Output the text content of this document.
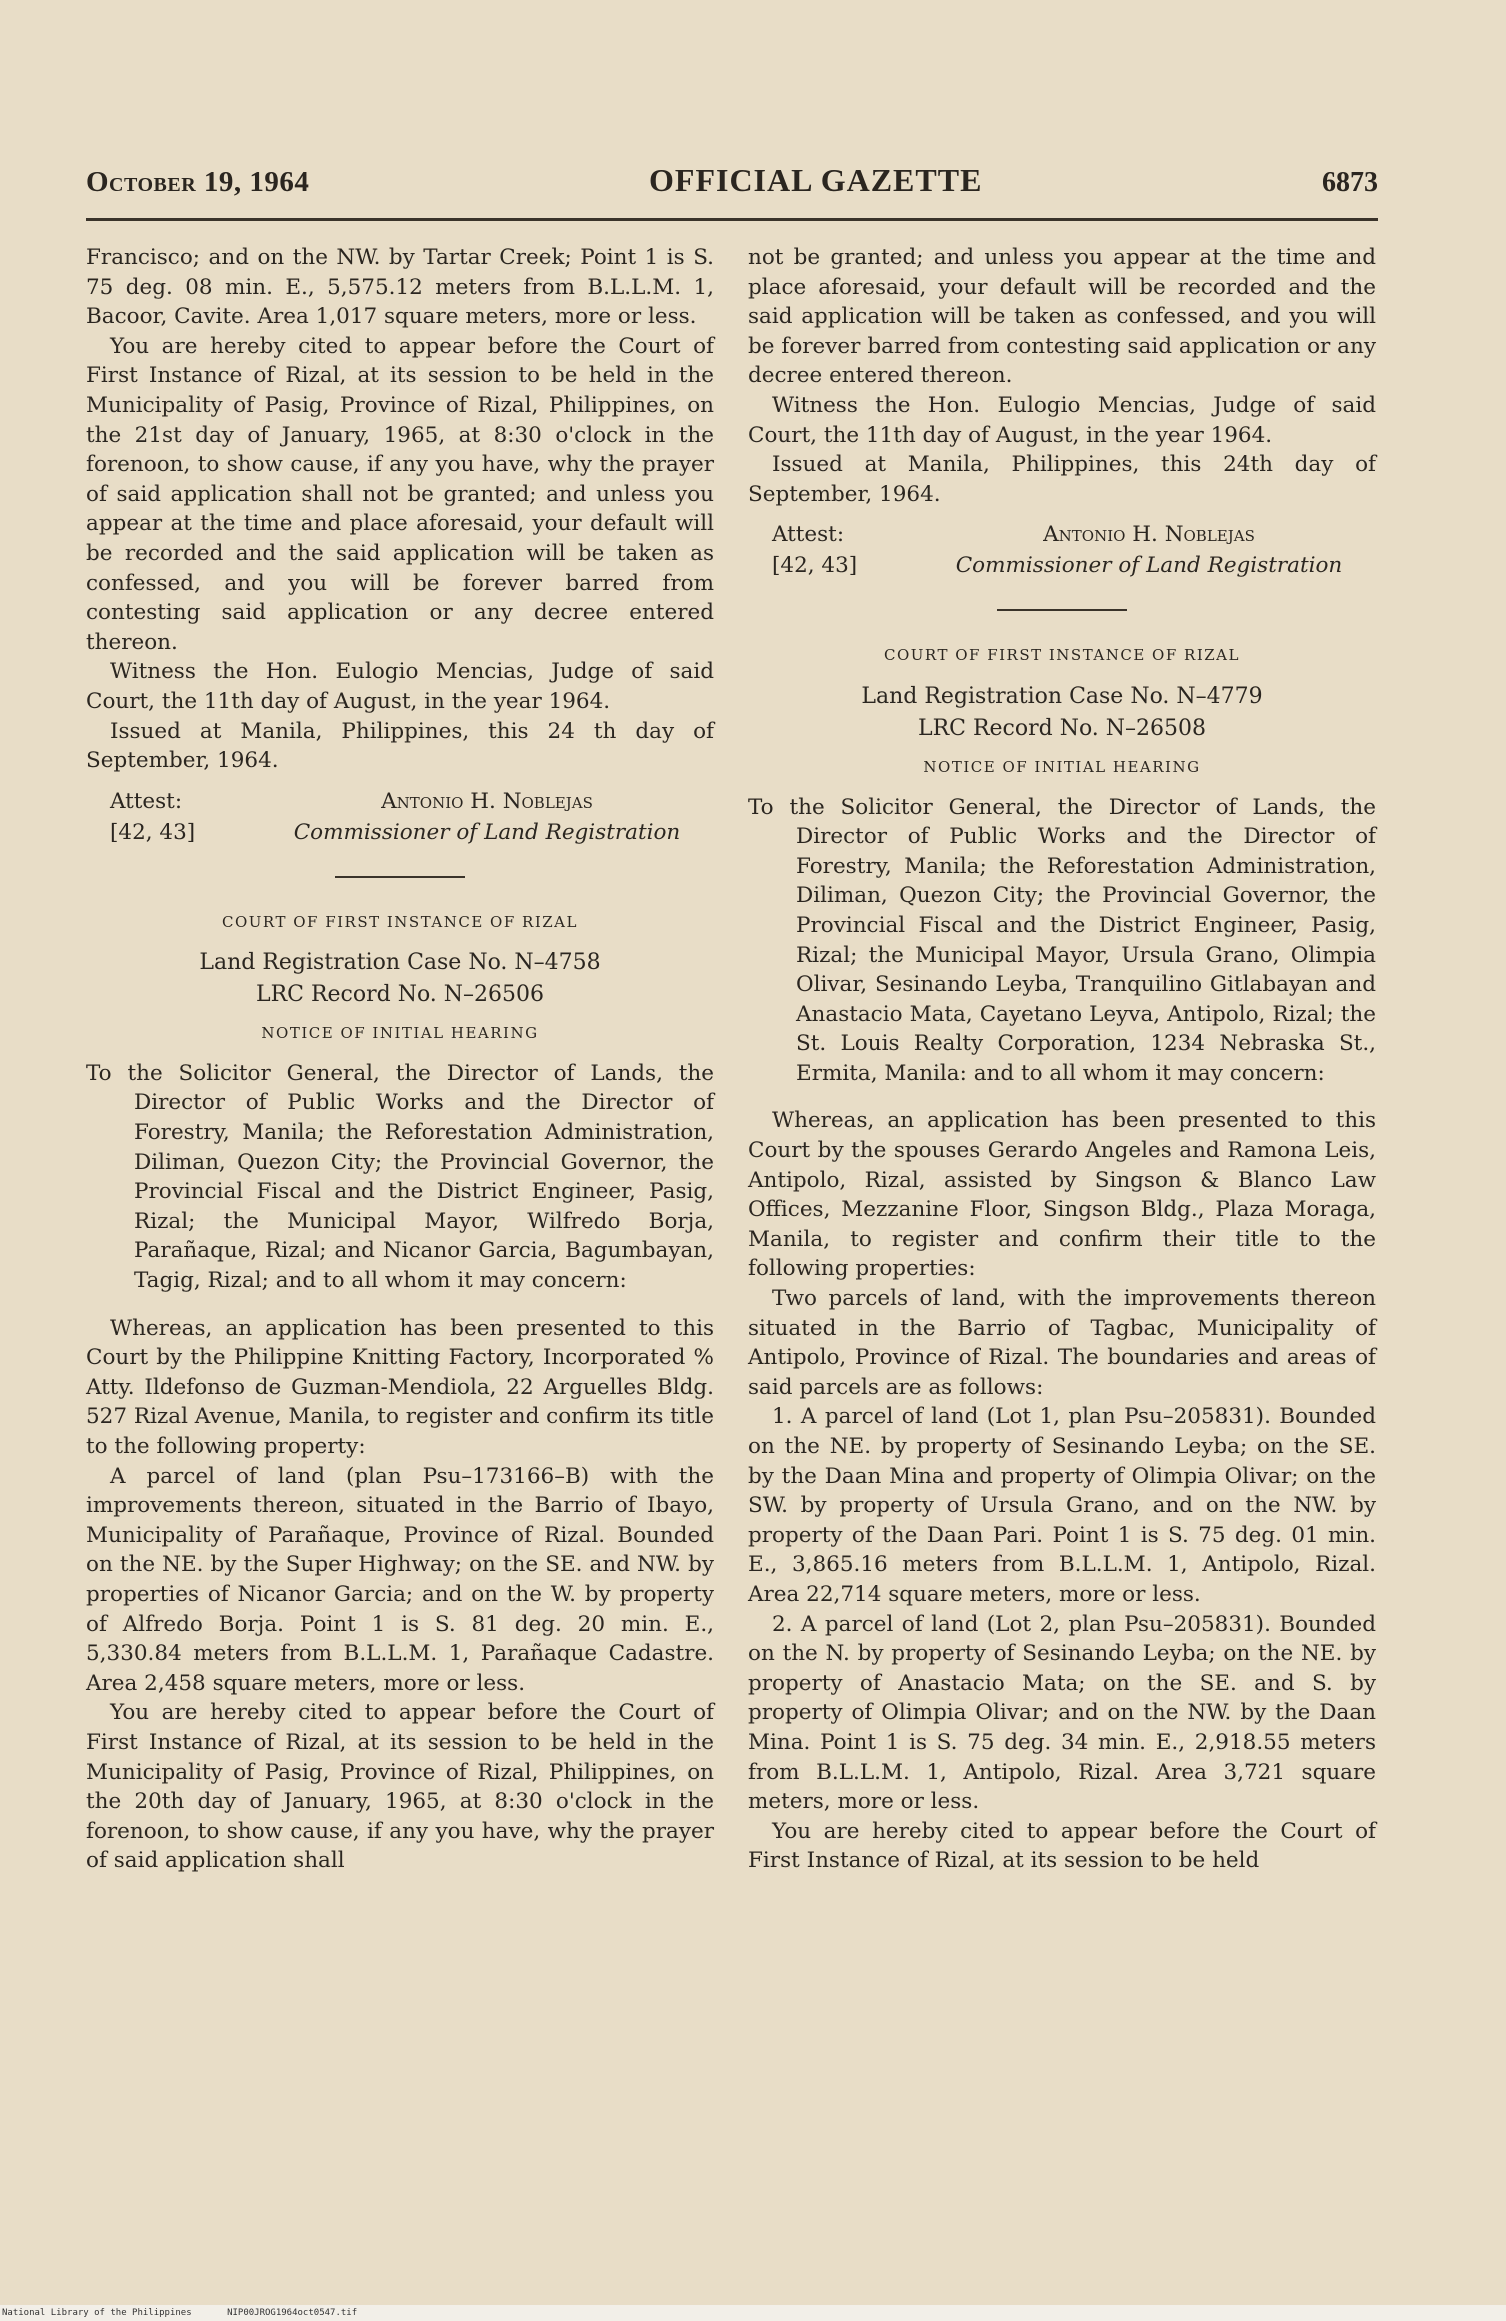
October 19, 1964	OFFICIAL GAZETTE	6873

Francisco; and on the NW. by Tartar Creek; Point 1 is S. 75 deg. 08 min. E., 5,575.12 meters from B.L.L.M. 1, Bacoor, Cavite. Area 1,017 square meters, more or less.

You are hereby cited to appear before the Court of First Instance of Rizal, at its session to be held in the Municipality of Pasig, Province of Rizal, Philippines, on the 21st day of January, 1965, at 8:30 o'clock in the forenoon, to show cause, if any you have, why the prayer of said application shall not be granted; and unless you appear at the time and place aforesaid, your default will be recorded and the said application will be taken as confessed, and you will be forever barred from contesting said application or any decree entered thereon.

Witness the Hon. Eulogio Mencias, Judge of said Court, the 11th day of August, in the year 1964.

Issued at Manila, Philippines, this 24 th day of September, 1964.

Attest:	Antonio H. Noblejas
[42, 43]	Commissioner of Land Registration
COURT OF FIRST INSTANCE OF RIZAL
Land Registration Case No. N–4758
LRC Record No. N–26506
NOTICE OF INITIAL HEARING

To the Solicitor General, the Director of Lands, the Director of Public Works and the Director of Forestry, Manila; the Reforestation Administration, Diliman, Quezon City; the Provincial Governor, the Provincial Fiscal and the District Engineer, Pasig, Rizal; the Municipal Mayor, Wilfredo Borja, Parañaque, Rizal; and Nicanor Garcia, Bagumbayan, Tagig, Rizal; and to all whom it may concern:

Whereas, an application has been presented to this Court by the Philippine Knitting Factory, Incorporated % Atty. Ildefonso de Guzman-Mendiola, 22 Arguelles Bldg. 527 Rizal Avenue, Manila, to register and confirm its title to the following property:

A parcel of land (plan Psu–173166–B) with the improvements thereon, situated in the Barrio of Ibayo, Municipality of Parañaque, Province of Rizal. Bounded on the NE. by the Super Highway; on the SE. and NW. by properties of Nicanor Garcia; and on the W. by property of Alfredo Borja. Point 1 is S. 81 deg. 20 min. E., 5,330.84 meters from B.L.L.M. 1, Parañaque Cadastre. Area 2,458 square meters, more or less.

You are hereby cited to appear before the Court of First Instance of Rizal, at its session to be held in the Municipality of Pasig, Province of Rizal, Philippines, on the 20th day of January, 1965, at 8:30 o'clock in the forenoon, to show cause, if any you have, why the prayer of said application shall

not be granted; and unless you appear at the time and place aforesaid, your default will be recorded and the said application will be taken as confessed, and you will be forever barred from contesting said application or any decree entered thereon.

Witness the Hon. Eulogio Mencias, Judge of said Court, the 11th day of August, in the year 1964.

Issued at Manila, Philippines, this 24th day of September, 1964.

Attest:	Antonio H. Noblejas
[42, 43]	Commissioner of Land Registration
COURT OF FIRST INSTANCE OF RIZAL
Land Registration Case No. N–4779
LRC Record No. N–26508
NOTICE OF INITIAL HEARING

To the Solicitor General, the Director of Lands, the Director of Public Works and the Director of Forestry, Manila; the Reforestation Administration, Diliman, Quezon City; the Provincial Governor, the Provincial Fiscal and the District Engineer, Pasig, Rizal; the Municipal Mayor, Ursula Grano, Olimpia Olivar, Sesinando Leyba, Tranquilino Gitlabayan and Anastacio Mata, Cayetano Leyva, Antipolo, Rizal; the St. Louis Realty Corporation, 1234 Nebraska St., Ermita, Manila: and to all whom it may concern:

Whereas, an application has been presented to this Court by the spouses Gerardo Angeles and Ramona Leis, Antipolo, Rizal, assisted by Singson & Blanco Law Offices, Mezzanine Floor, Singson Bldg., Plaza Moraga, Manila, to register and confirm their title to the following properties:

Two parcels of land, with the improvements thereon situated in the Barrio of Tagbac, Municipality of Antipolo, Province of Rizal. The boundaries and areas of said parcels are as follows:

1. A parcel of land (Lot 1, plan Psu–205831). Bounded on the NE. by property of Sesinando Leyba; on the SE. by the Daan Mina and property of Olimpia Olivar; on the SW. by property of Ursula Grano, and on the NW. by property of the Daan Pari. Point 1 is S. 75 deg. 01 min. E., 3,865.16 meters from B.L.L.M. 1, Antipolo, Rizal. Area 22,714 square meters, more or less.

2. A parcel of land (Lot 2, plan Psu–205831). Bounded on the N. by property of Sesinando Leyba; on the NE. by property of Anastacio Mata; on the SE. and S. by property of Olimpia Olivar; and on the NW. by the Daan Mina. Point 1 is S. 75 deg. 34 min. E., 2,918.55 meters from B.L.L.M. 1, Antipolo, Rizal. Area 3,721 square meters, more or less.

You are hereby cited to appear before the Court of First Instance of Rizal, at its session to be held

National Library of the Philippines	NIP00JROG1964oct0547.tif
